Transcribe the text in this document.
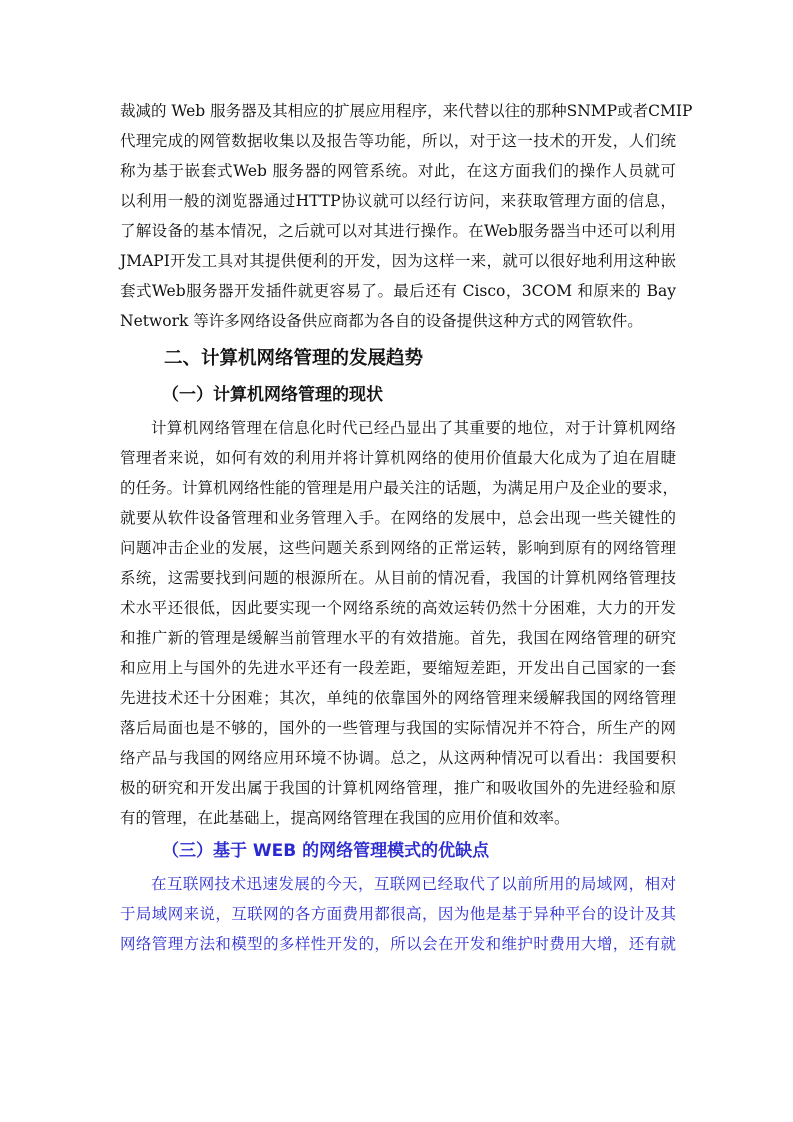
裁减的 Web 服务器及其相应的扩展应用程序，来代替以往的那种SNMP或者CMIP
代理完成的网管数据收集以及报告等功能，所以，对于这一技术的开发，人们统
称为基于嵌套式Web 服务器的网管系统。对此，在这方面我们的操作人员就可
以利用一般的浏览器通过HTTP协议就可以经行访问，来获取管理方面的信息，
了解设备的基本情况，之后就可以对其进行操作。在Web服务器当中还可以利用
JMAPI开发工具对其提供便利的开发，因为这样一来，就可以很好地利用这种嵌
套式Web服务器开发插件就更容易了。最后还有 Cisco，3COM 和原来的 Bay
Network 等许多网络设备供应商都为各自的设备提供这种方式的网管软件。
二、计算机网络管理的发展趋势
（一）计算机网络管理的现状
计算机网络管理在信息化时代已经凸显出了其重要的地位，对于计算机网络
管理者来说，如何有效的利用并将计算机网络的使用价值最大化成为了迫在眉睫
的任务。计算机网络性能的管理是用户最关注的话题，为满足用户及企业的要求，
就要从软件设备管理和业务管理入手。在网络的发展中，总会出现一些关键性的
问题冲击企业的发展，这些问题关系到网络的正常运转，影响到原有的网络管理
系统，这需要找到问题的根源所在。从目前的情况看，我国的计算机网络管理技
术水平还很低，因此要实现一个网络系统的高效运转仍然十分困难，大力的开发
和推广新的管理是缓解当前管理水平的有效措施。首先，我国在网络管理的研究
和应用上与国外的先进水平还有一段差距，要缩短差距，开发出自己国家的一套
先进技术还十分困难；其次，单纯的依靠国外的网络管理来缓解我国的网络管理
落后局面也是不够的，国外的一些管理与我国的实际情况并不符合，所生产的网
络产品与我国的网络应用环境不协调。总之，从这两种情况可以看出：我国要积
极的研究和开发出属于我国的计算机网络管理，推广和吸收国外的先进经验和原
有的管理，在此基础上，提高网络管理在我国的应用价值和效率。
（三）基于 WEB 的网络管理模式的优缺点
在互联网技术迅速发展的今天，互联网已经取代了以前所用的局域网，相对
于局域网来说，互联网的各方面费用都很高，因为他是基于异种平台的设计及其
网络管理方法和模型的多样性开发的，所以会在开发和维护时费用大增，还有就
